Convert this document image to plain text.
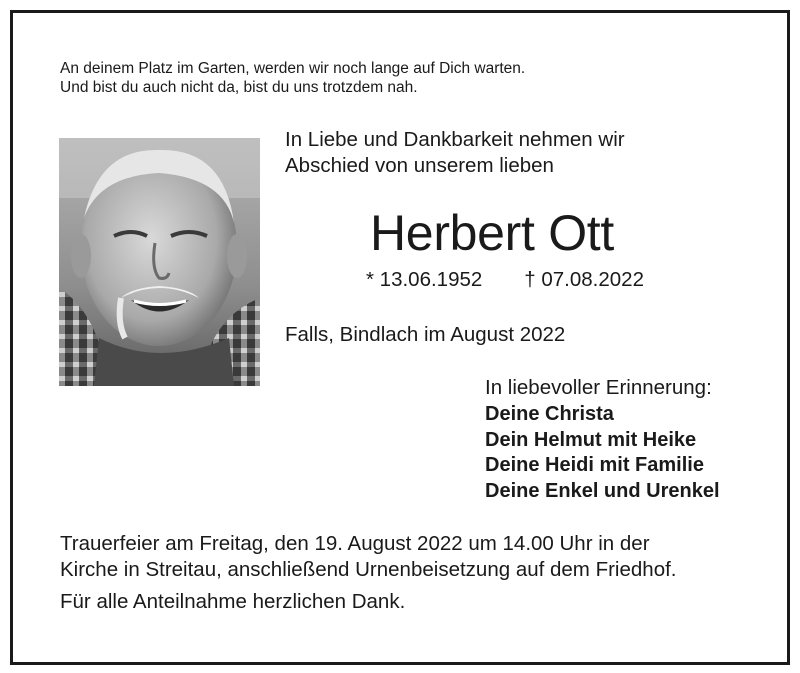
An deinem Platz im Garten, werden wir noch lange auf Dich warten.
Und bist du auch nicht da, bist du uns trotzdem nah.
In Liebe und Dankbarkeit nehmen wir
Abschied von unserem lieben
Herbert Ott
* 13.06.1952 † 07.08.2022
Falls, Bindlach im August 2022
In liebevoller Erinnerung:
Deine Christa
Dein Helmut mit Heike
Deine Heidi mit Familie
Deine Enkel und Urenkel
Trauerfeier am Freitag, den 19. August 2022 um 14.00 Uhr in der
Kirche in Streitau, anschließend Urnenbeisetzung auf dem Friedhof.
Für alle Anteilnahme herzlichen Dank.
